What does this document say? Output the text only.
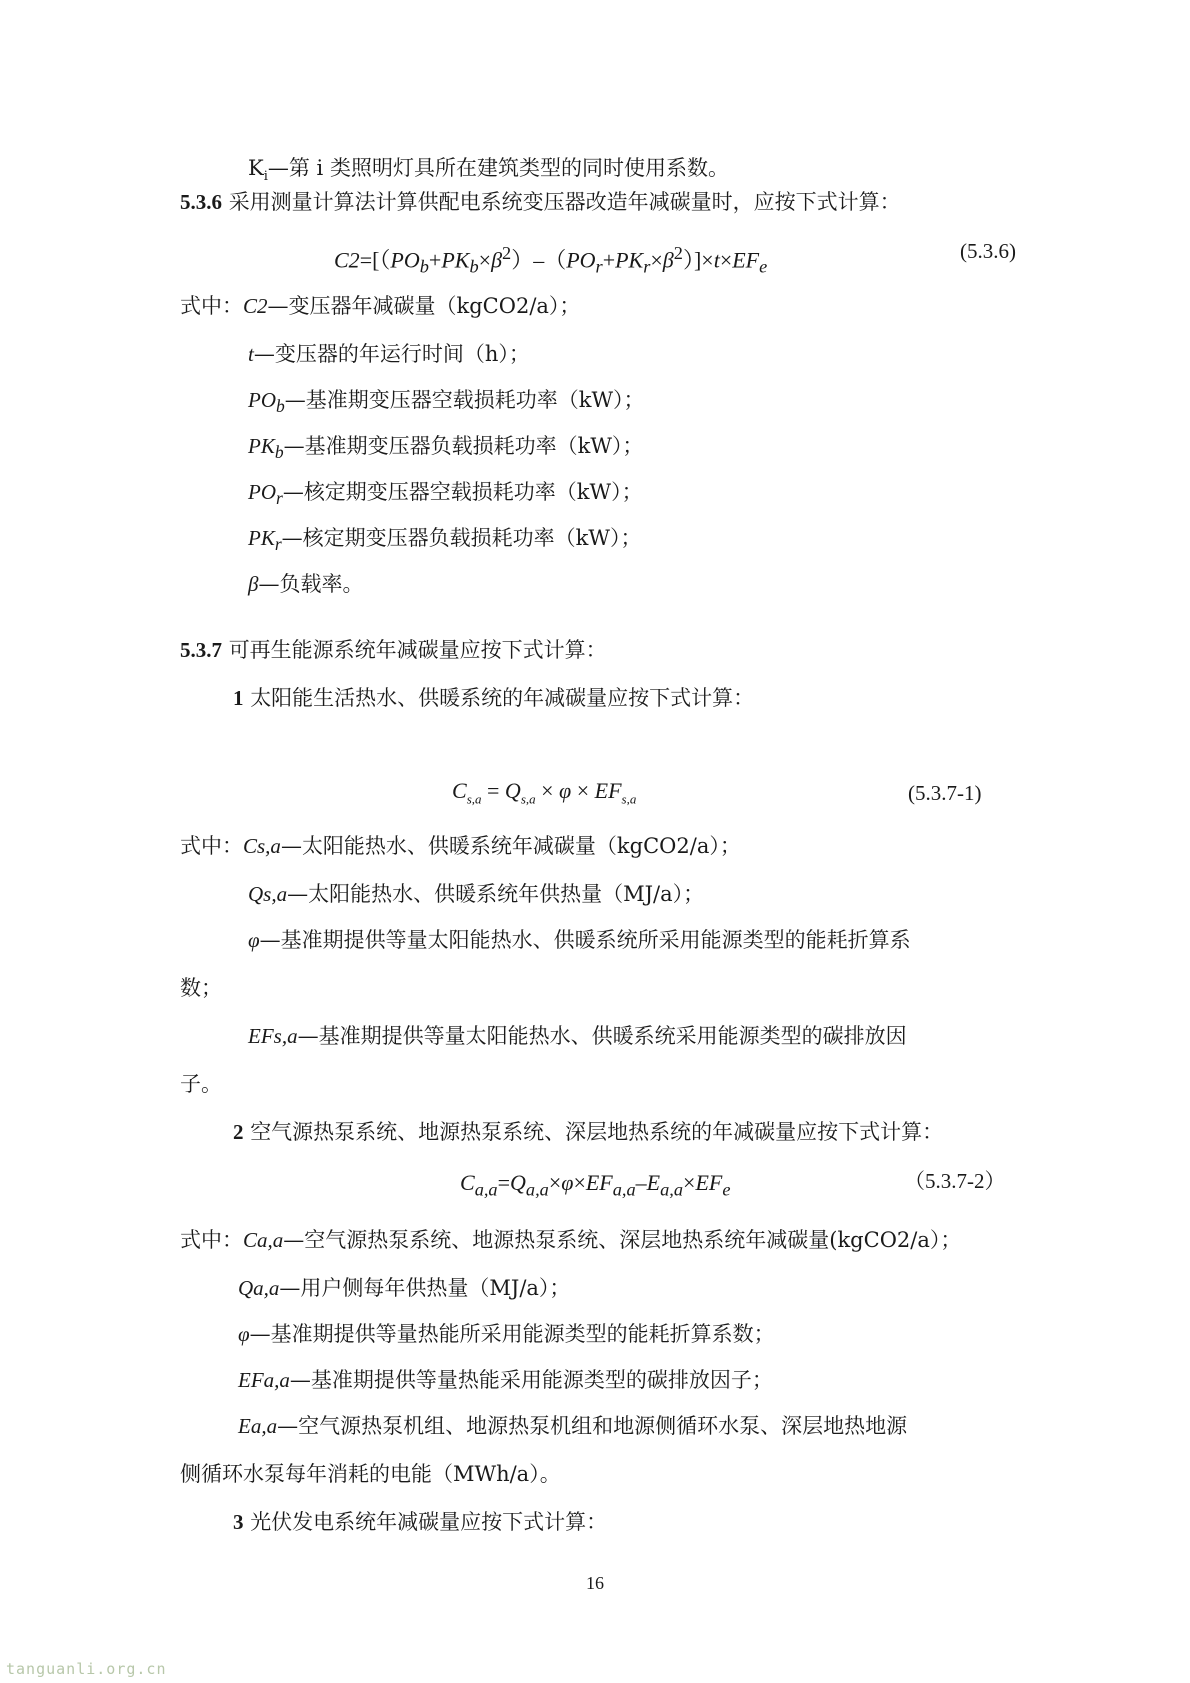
$K_i—$第 i 类照明灯具所在建筑类型的同时使用系数。
5.3.6 采用测量计算法计算供配电系统变压器改造年减碳量时，应按下式计算：
$C2=[(PO_b+PK_b\times\beta^2)-(PO_r+PK_r\times\beta^2)]\times t\times EF_e$
(5.3.6)
式中：C2—变压器年减碳量（kgCO2/a）；
t—变压器的年运行时间（h）；
$PO_b—$基准期变压器空载损耗功率（kW）；
$PK_b—$基准期变压器负载损耗功率（kW）；
$PO_r—$核定期变压器空载损耗功率（kW）；
$PK_r—$核定期变压器负载损耗功率（kW）；
β—负载率。
5.3.7 可再生能源系统年减碳量应按下式计算：
1 太阳能生活热水、供暖系统的年减碳量应按下式计算：
$C_{s,a} = Q_{s,a} \times \varphi \times EF_{s,a}$	(5.3.7-1)
式中：Cs,a—太阳能热水、供暖系统年减碳量（kgCO2/a）；
Qs,a—太阳能热水、供暖系统年供热量（MJ/a）；
φ—基准期提供等量太阳能热水、供暖系统所采用能源类型的能耗折算系
数；
EFs,a—基准期提供等量太阳能热水、供暖系统采用能源类型的碳排放因
子。
2 空气源热泵系统、地源热泵系统、深层地热系统的年减碳量应按下式计算：
$C_{a,a}=Q_{a,a}\times\varphi\times EF_{a,a}-E_{a,a}\times EF_e$	（5.3.7-2）
式中：Ca,a—空气源热泵系统、地源热泵系统、深层地热系统年减碳量(kgCO2/a）；
Qa,a—用户侧每年供热量（MJ/a）；
φ—基准期提供等量热能所采用能源类型的能耗折算系数；
EFa,a—基准期提供等量热能采用能源类型的碳排放因子；
Ea,a—空气源热泵机组、地源热泵机组和地源侧循环水泵、深层地热地源
侧循环水泵每年消耗的电能（MWh/a）。
3 光伏发电系统年减碳量应按下式计算：
16
tanguanli.org.cn
